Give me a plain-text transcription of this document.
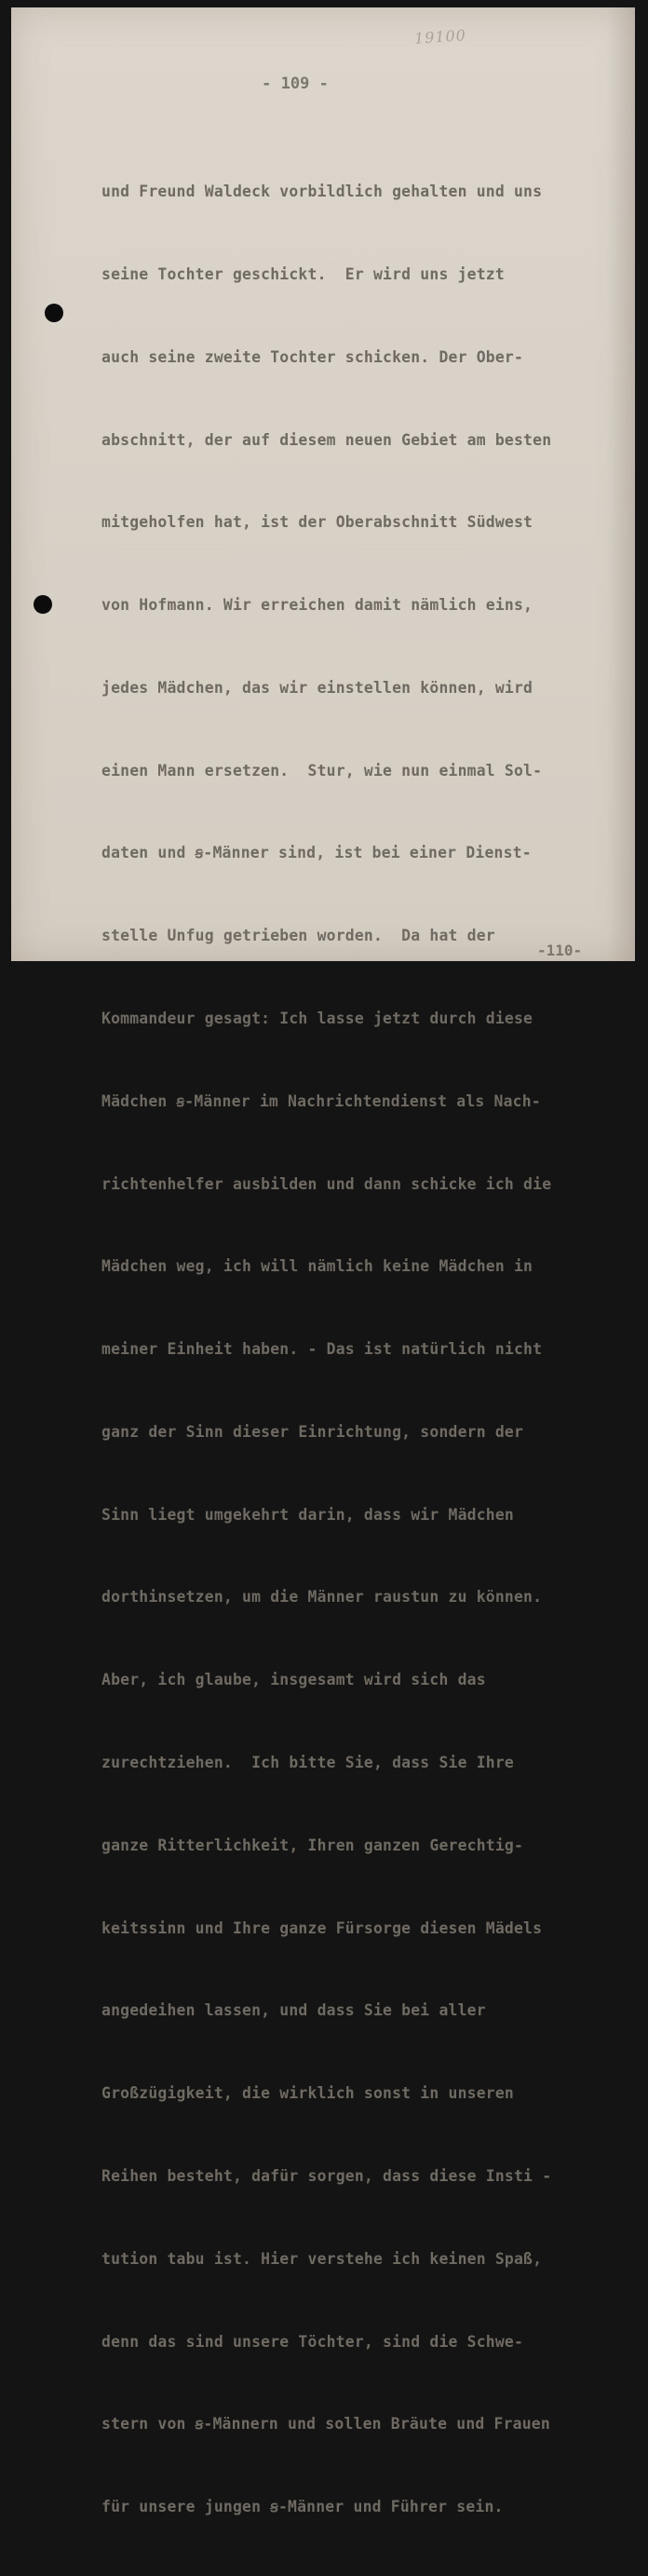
19100
- 109 -

und Freund Waldeck vorbildlich gehalten und uns

seine Tochter geschickt.  Er wird uns jetzt

auch seine zweite Tochter schicken. Der Ober-

abschnitt, der auf diesem neuen Gebiet am besten

mitgeholfen hat, ist der Oberabschnitt Südwest

von Hofmann. Wir erreichen damit nämlich eins,

jedes Mädchen, das wir einstellen können, wird

einen Mann ersetzen.  Stur, wie nun einmal Sol-

daten und ꞩ-Männer sind, ist bei einer Dienst-

stelle Unfug getrieben worden.  Da hat der

Kommandeur gesagt: Ich lasse jetzt durch diese

Mädchen ꞩ-Männer im Nachrichtendienst als Nach-

richtenhelfer ausbilden und dann schicke ich die

Mädchen weg, ich will nämlich keine Mädchen in

meiner Einheit haben. - Das ist natürlich nicht

ganz der Sinn dieser Einrichtung, sondern der

Sinn liegt umgekehrt darin, dass wir Mädchen

dorthinsetzen, um die Männer raustun zu können.

Aber, ich glaube, insgesamt wird sich das

zurechtziehen.  Ich bitte Sie, dass Sie Ihre

ganze Ritterlichkeit, Ihren ganzen Gerechtig-

keitssinn und Ihre ganze Fürsorge diesen Mädels

angedeihen lassen, und dass Sie bei aller

Großzügigkeit, die wirklich sonst in unseren

Reihen besteht, dafür sorgen, dass diese Insti -

tution tabu ist. Hier verstehe ich keinen Spaß,

denn das sind unsere Töchter, sind die Schwe-

stern von ꞩ-Männern und sollen Bräute und Frauen

für unsere jungen ꞩ-Männer und Führer sein.

-110-
